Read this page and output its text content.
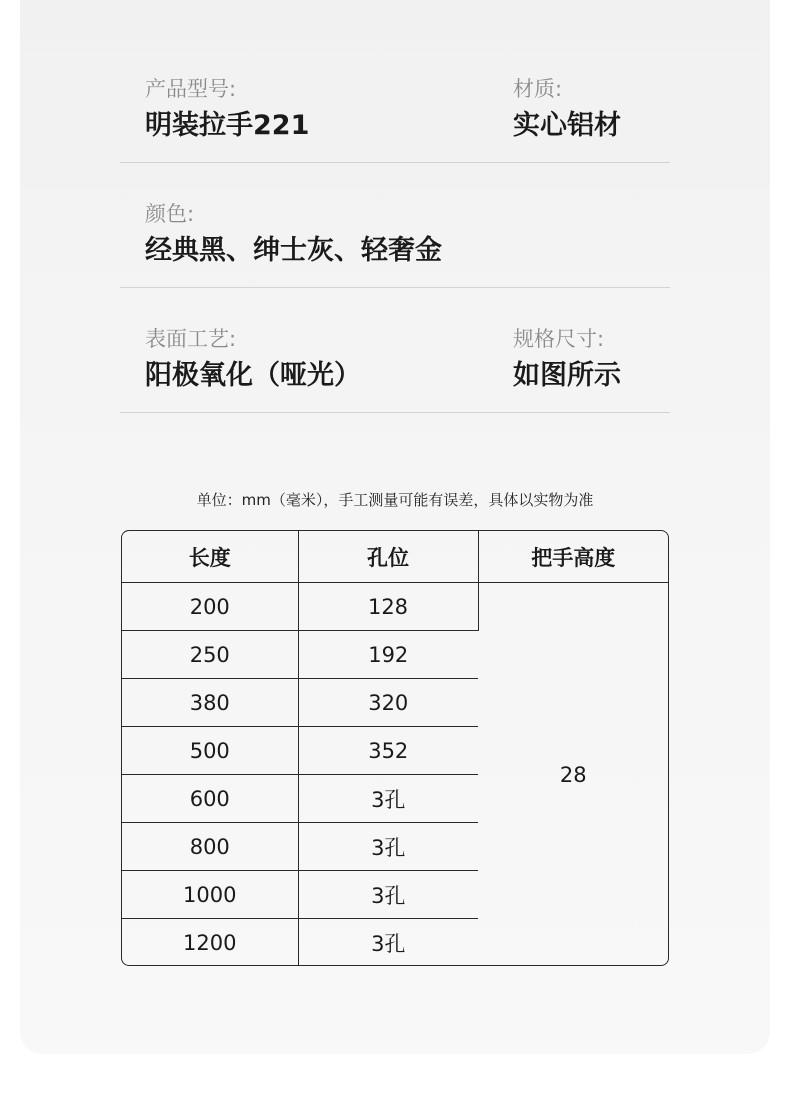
产品型号:
明装拉手221
材质:
实心铝材
颜色:
经典黑、绅士灰、轻奢金
表面工艺:
阳极氧化（哑光）
规格尺寸:
如图所示
单位：mm（毫米），手工测量可能有误差，具体以实物为准
长度	孔位	把手高度
200	128	28
250	192	
380	320	
500	352	
600	3孔	
800	3孔	
1000	3孔	
1200	3孔	
